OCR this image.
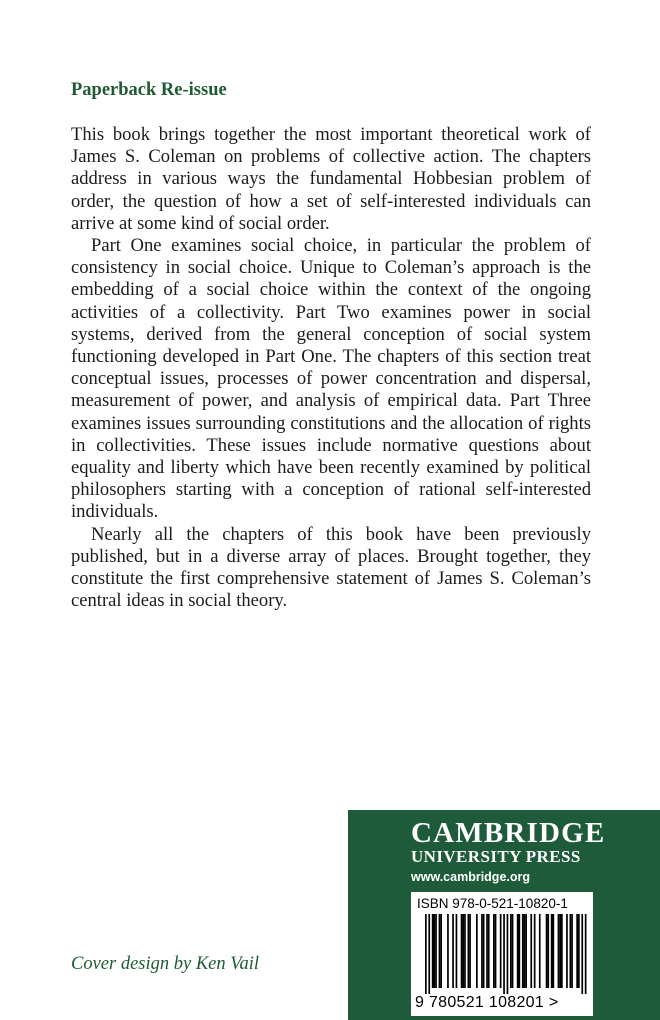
Paperback Re-issue

This book brings together the most important theoretical work of James S. Coleman on problems of collective action. The chapters address in various ways the fundamental Hobbesian problem of order, the question of how a set of self-interested individuals can arrive at some kind of social order.

Part One examines social choice, in particular the problem of consistency in social choice. Unique to Coleman’s approach is the embedding of a social choice within the context of the ongoing activities of a collectivity. Part Two examines power in social systems, derived from the general conception of social system functioning developed in Part One. The chapters of this section treat conceptual issues, processes of power concentration and dispersal, measurement of power, and analysis of empirical data. Part Three examines issues surrounding constitutions and the allocation of rights in collectivities. These issues include normative questions about equality and liberty which have been recently examined by political philosophers starting with a conception of rational self-interested individuals.

Nearly all the chapters of this book have been previously published, but in a diverse array of places. Brought together, they constitute the first comprehensive statement of James S. Coleman’s central ideas in social theory.

Cover design by Ken Vail
CAMBRIDGE
UNIVERSITY PRESS
www.cambridge.org
ISBN 978-0-521-10820-1
9 780521 108201 >
